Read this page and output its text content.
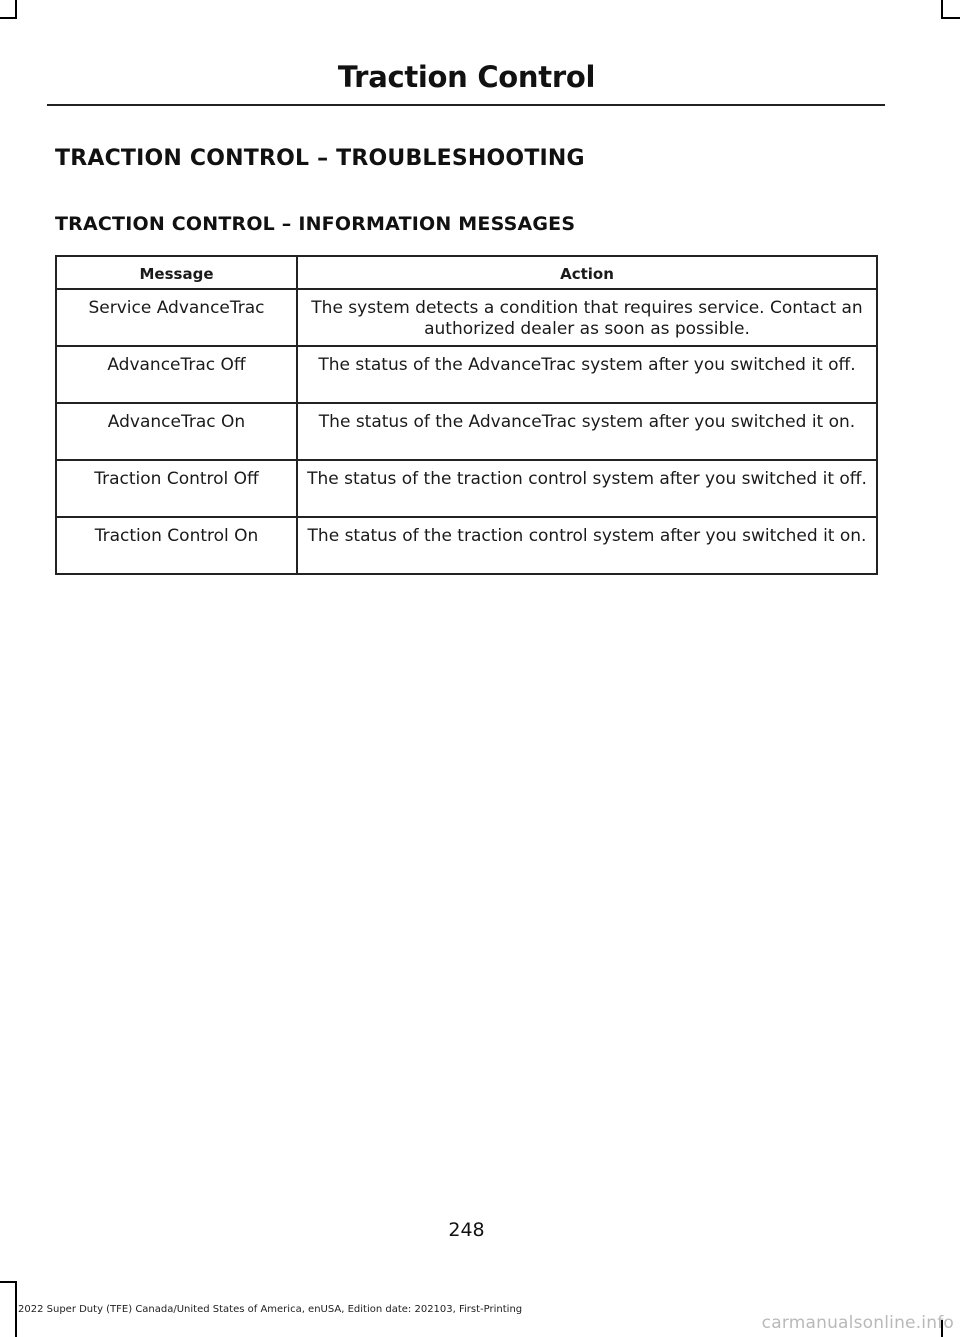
Traction Control
TRACTION CONTROL – TROUBLESHOOTING
TRACTION CONTROL – INFORMATION MESSAGES
Message	Action
Service AdvanceTrac	The system detects a condition that requires service. Contact an authorized dealer as soon as possible.
AdvanceTrac Off	The status of the AdvanceTrac system after you switched it off.
AdvanceTrac On	The status of the AdvanceTrac system after you switched it on.
Traction Control Off	The status of the traction control system after you switched it off.
Traction Control On	The status of the traction control system after you switched it on.
248
2022 Super Duty (TFE) Canada/United States of America, enUSA, Edition date: 202103, First-Printing
carmanualsonline.info
